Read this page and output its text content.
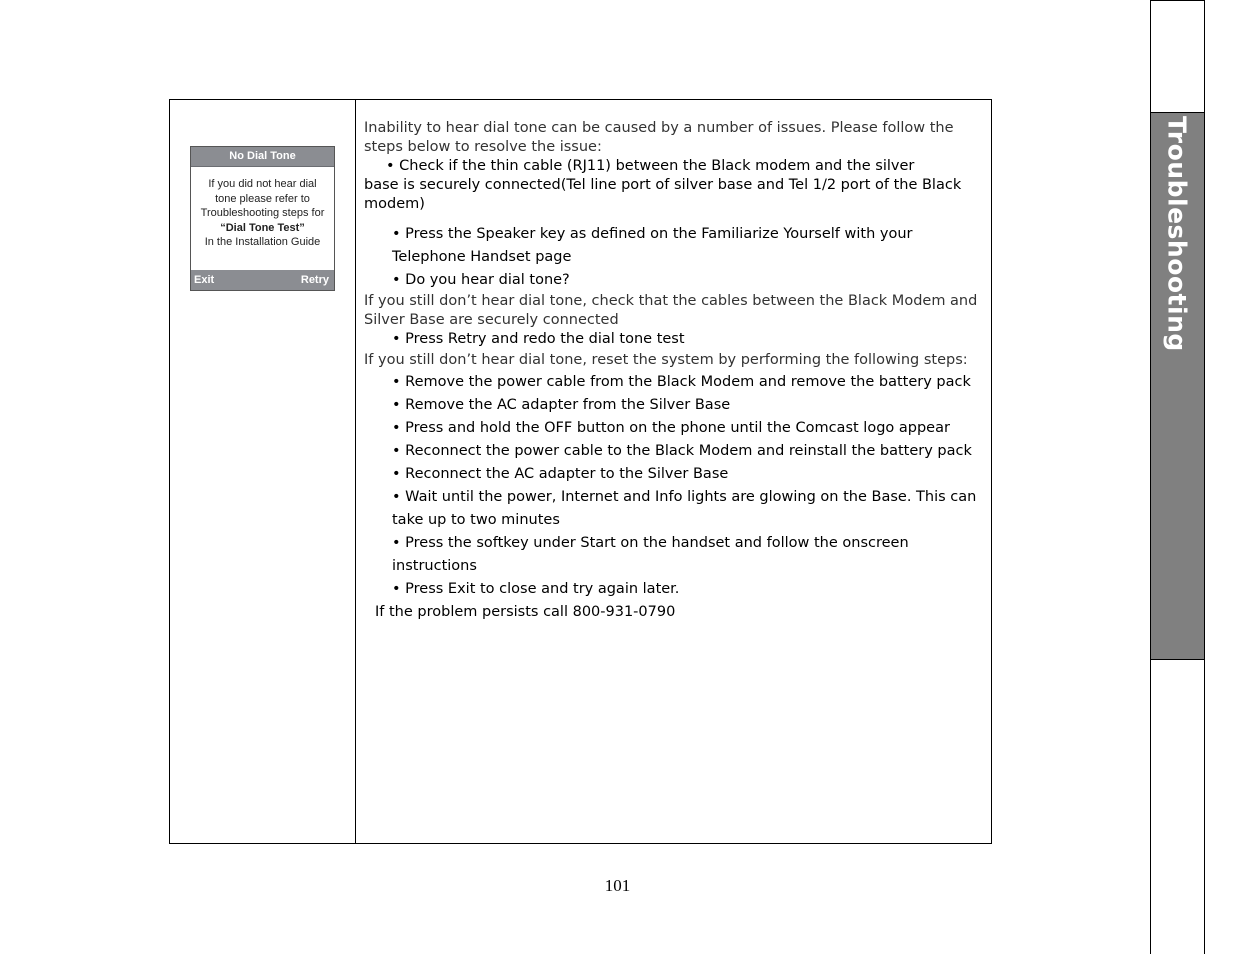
Troubleshooting
No Dial Tone
If you did not hear dial
tone please refer to
Troubleshooting steps for
“Dial Tone Test”
In the Installation Guide
Exit	Retry

Inability to hear dial tone can be caused by a number of issues. Please follow the steps below to resolve the issue:

• Check if the thin cable (RJ11) between the Black modem and the silver

base is securely connected(Tel line port of silver base and Tel 1/2 port of the Black modem)

• Press the Speaker key as defined on the Familiarize Yourself with your Telephone Handset page
• Do you hear dial tone?

If you still don’t hear dial tone, check that the cables between the Black Modem and Silver Base are securely connected

• Press Retry and redo the dial tone test

If you still don’t hear dial tone, reset the system by performing the following steps:

• Remove the power cable from the Black Modem and remove the battery pack
• Remove the AC adapter from the Silver Base
• Press and hold the OFF button on the phone until the Comcast logo appear
• Reconnect the power cable to the Black Modem and reinstall the battery pack
• Reconnect the AC adapter to the Silver Base
• Wait until the power, Internet and Info lights are glowing on the Base. This can take up to two minutes
• Press the softkey under Start on the handset and follow the onscreen instructions
• Press Exit to close and try again later.

If the problem persists call 800-931-0790

101
